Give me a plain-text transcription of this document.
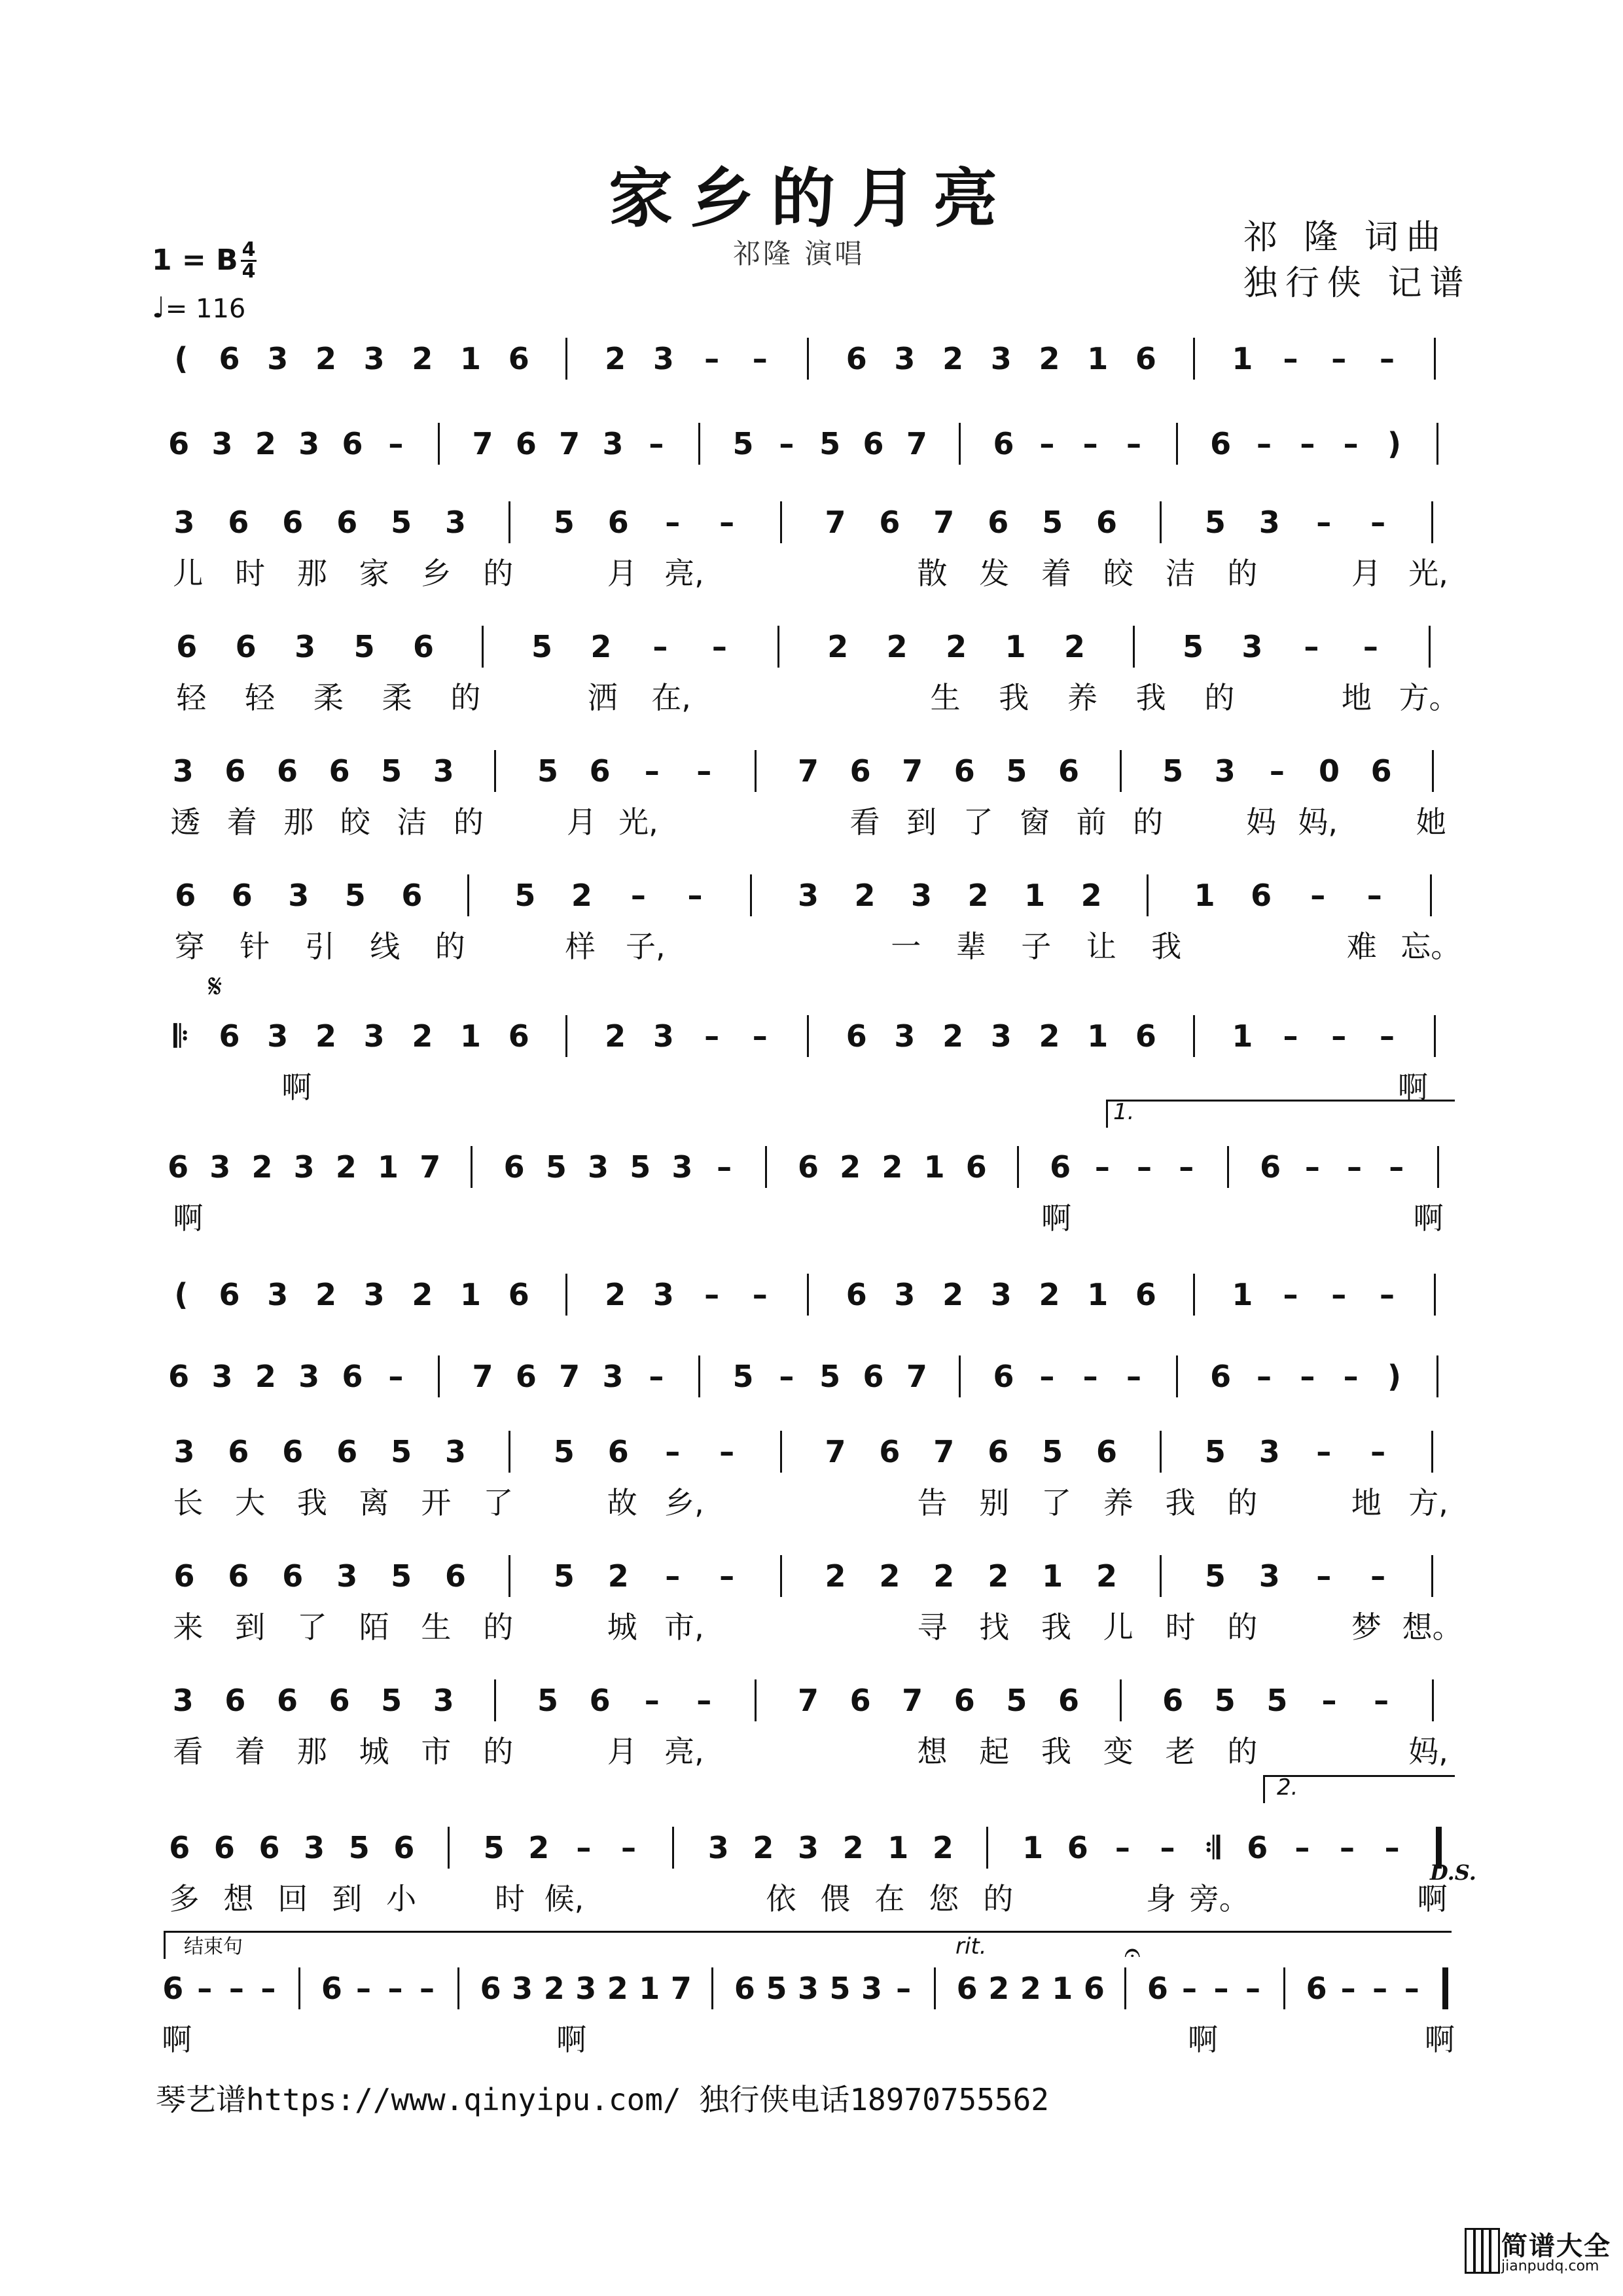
家乡的月亮
祁隆 演唱	祁 隆 词曲
独行侠 记谱
1 = B 4
4
♩= 116
𝄋
(	6 3 2 3 2 1 6	2 3	–	–	6 3 2 3 2 1 6	1	–	–	–
6 3 2 3 6 –	7 6 7 3 –	5 – 5 6 7	6 – – –	6 – – – )
3	6	6	6	5	3	5	6	–	–	7	6	7	6	5	6	5	3	–	–
儿	时	那	家	乡	的	月 亮,	散	发	着	皎	洁	的	月 光,
6	6	3	5	6	5	2	–	–	2	2	2	1	2	5	3	–	–
轻	轻	柔	柔	的	洒	在,	生	我	养	我	的	地 方。
3	6	6	6	5	3	5	6	–	–	7	6	7	6	5	6	5	3	–	0	6
透 着 那 皎 洁 的	月 光,	看 到 了 窗 前 的	妈 妈,	她
6	6	3	5	6	5	2	–	–	3	2	3	2	1	2	1	6	–	–
穿	针	引	线	的	样	子,	一	辈	子	让	我	难 忘。
𝄆	6 3 2 3 2 1 6	2 3	–	–	6 3 2 3 2 1 6	1	–	–	–
啊	啊
6 3 2 3 2 1 7	6 5 3 5 3 –	6 2 2 1 6	6 – – –	6 – – –
啊	啊	啊
(	6 3 2 3 2 1 6	2 3	–	–	6 3 2 3 2 1 6	1	–	–	–
6 3 2 3 6 –	7 6 7 3 –	5 – 5 6 7	6 – – –	6 – – – )
3	6	6	6	5	3	5	6	–	–	7	6	7	6	5	6	5	3	–	–
长	大	我	离	开	了	故 乡,	告	别	了	养	我	的	地 方,
6	6	6	3	5	6	5	2	–	–	2	2	2	2	1	2	5	3	–	–
来	到	了	陌	生	的	城 市,	寻	找	我	儿	时	的	梦 想。
3	6	6	6	5	3	5	6	–	–	7	6	7	6	5	6	6	5	5	–	–
看	着	那	城	市	的	月 亮,	想	起	我	变	老	的	妈,
6 6 6 3 5 6	5 2 – –	3 2 3 2 1 2	1 6 – – 𝄇 6 – – –
多 想 回 到 小	时 候,	依 偎 在 您 的	身 旁。	啊
6 – – –	6 – – –	6 3 2 3 2 1 7	6 5 3 5 3 –	6 2 2 1 6	6 – – –	6 – – –
啊	啊	啊	啊
1.
2.
D.S.
结束句	rit.	𝄐
琴艺谱https://www.qinyipu.com/ 独行侠电话18970755562
简谱大全
jianpudq.com
